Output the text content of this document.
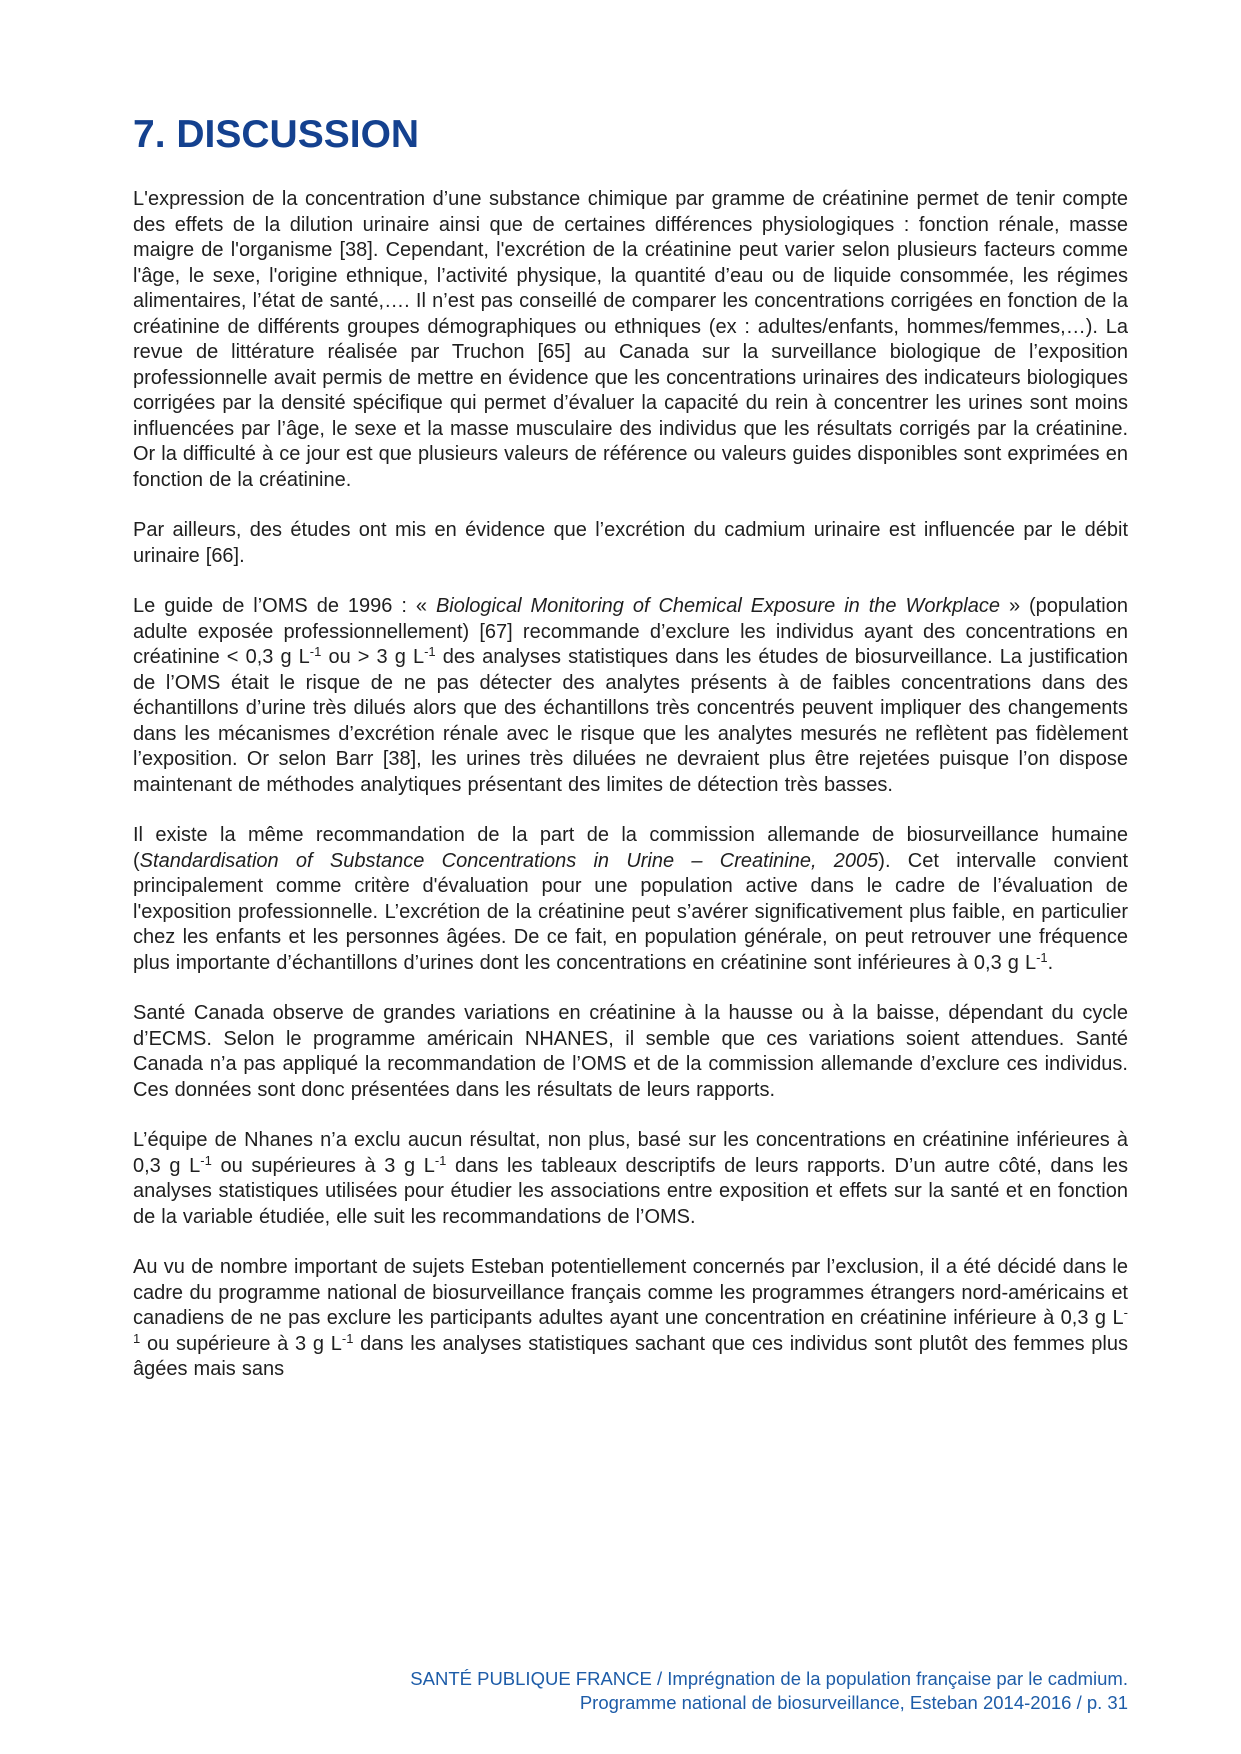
7. DISCUSSION

L'expression de la concentration d’une substance chimique par gramme de créatinine permet de tenir compte des effets de la dilution urinaire ainsi que de certaines différences physiologiques : fonction rénale, masse maigre de l'organisme [38]. Cependant, l'excrétion de la créatinine peut varier selon plusieurs facteurs comme l'âge, le sexe, l'origine ethnique, l’activité physique, la quantité d’eau ou de liquide consommée, les régimes alimentaires, l’état de santé,…. Il n’est pas conseillé de comparer les concentrations corrigées en fonction de la créatinine de différents groupes démographiques ou ethniques (ex : adultes/enfants, hommes/femmes,…). La revue de littérature réalisée par Truchon [65] au Canada sur la surveillance biologique de l’exposition professionnelle avait permis de mettre en évidence que les concentrations urinaires des indicateurs biologiques corrigées par la densité spécifique qui permet d’évaluer la capacité du rein à concentrer les urines sont moins influencées par l’âge, le sexe et la masse musculaire des individus que les résultats corrigés par la créatinine. Or la difficulté à ce jour est que plusieurs valeurs de référence ou valeurs guides disponibles sont exprimées en fonction de la créatinine.

Par ailleurs, des études ont mis en évidence que l’excrétion du cadmium urinaire est influencée par le débit urinaire [66].

Le guide de l’OMS de 1996 : « Biological Monitoring of Chemical Exposure in the Workplace » (population adulte exposée professionnellement) [67] recommande d’exclure les individus ayant des concentrations en créatinine < 0,3 g $L^{-1}$ ou > 3 g $L^{-1}$ des analyses statistiques dans les études de biosurveillance. La justification de l’OMS était le risque de ne pas détecter des analytes présents à de faibles concentrations dans des échantillons d’urine très dilués alors que des échantillons très concentrés peuvent impliquer des changements dans les mécanismes d’excrétion rénale avec le risque que les analytes mesurés ne reflètent pas fidèlement l’exposition. Or selon Barr [38], les urines très diluées ne devraient plus être rejetées puisque l’on dispose maintenant de méthodes analytiques présentant des limites de détection très basses.

Il existe la même recommandation de la part de la commission allemande de biosurveillance humaine (Standardisation of Substance Concentrations in Urine – Creatinine, 2005). Cet intervalle convient principalement comme critère d'évaluation pour une population active dans le cadre de l’évaluation de l'exposition professionnelle. L’excrétion de la créatinine peut s’avérer significativement plus faible, en particulier chez les enfants et les personnes âgées. De ce fait, en population générale, on peut retrouver une fréquence plus importante d’échantillons d’urines dont les concentrations en créatinine sont inférieures à 0,3 g $L^{-1}$.

Santé Canada observe de grandes variations en créatinine à la hausse ou à la baisse, dépendant du cycle d’ECMS. Selon le programme américain NHANES, il semble que ces variations soient attendues. Santé Canada n’a pas appliqué la recommandation de l’OMS et de la commission allemande d’exclure ces individus. Ces données sont donc présentées dans les résultats de leurs rapports.

L’équipe de Nhanes n’a exclu aucun résultat, non plus, basé sur les concentrations en créatinine inférieures à 0,3 g $L^{-1}$ ou supérieures à 3 g $L^{-1}$ dans les tableaux descriptifs de leurs rapports. D’un autre côté, dans les analyses statistiques utilisées pour étudier les associations entre exposition et effets sur la santé et en fonction de la variable étudiée, elle suit les recommandations de l’OMS.

Au vu de nombre important de sujets Esteban potentiellement concernés par l’exclusion, il a été décidé dans le cadre du programme national de biosurveillance français comme les programmes étrangers nord-américains et canadiens de ne pas exclure les participants adultes ayant une concentration en créatinine inférieure à 0,3 g $L^{-1}$ ou supérieure à 3 g $L^{-1}$ dans les analyses statistiques sachant que ces individus sont plutôt des femmes plus âgées mais sans

SANTÉ PUBLIQUE FRANCE / Imprégnation de la population française par le cadmium.
Programme national de biosurveillance, Esteban 2014-2016 / p. 31
